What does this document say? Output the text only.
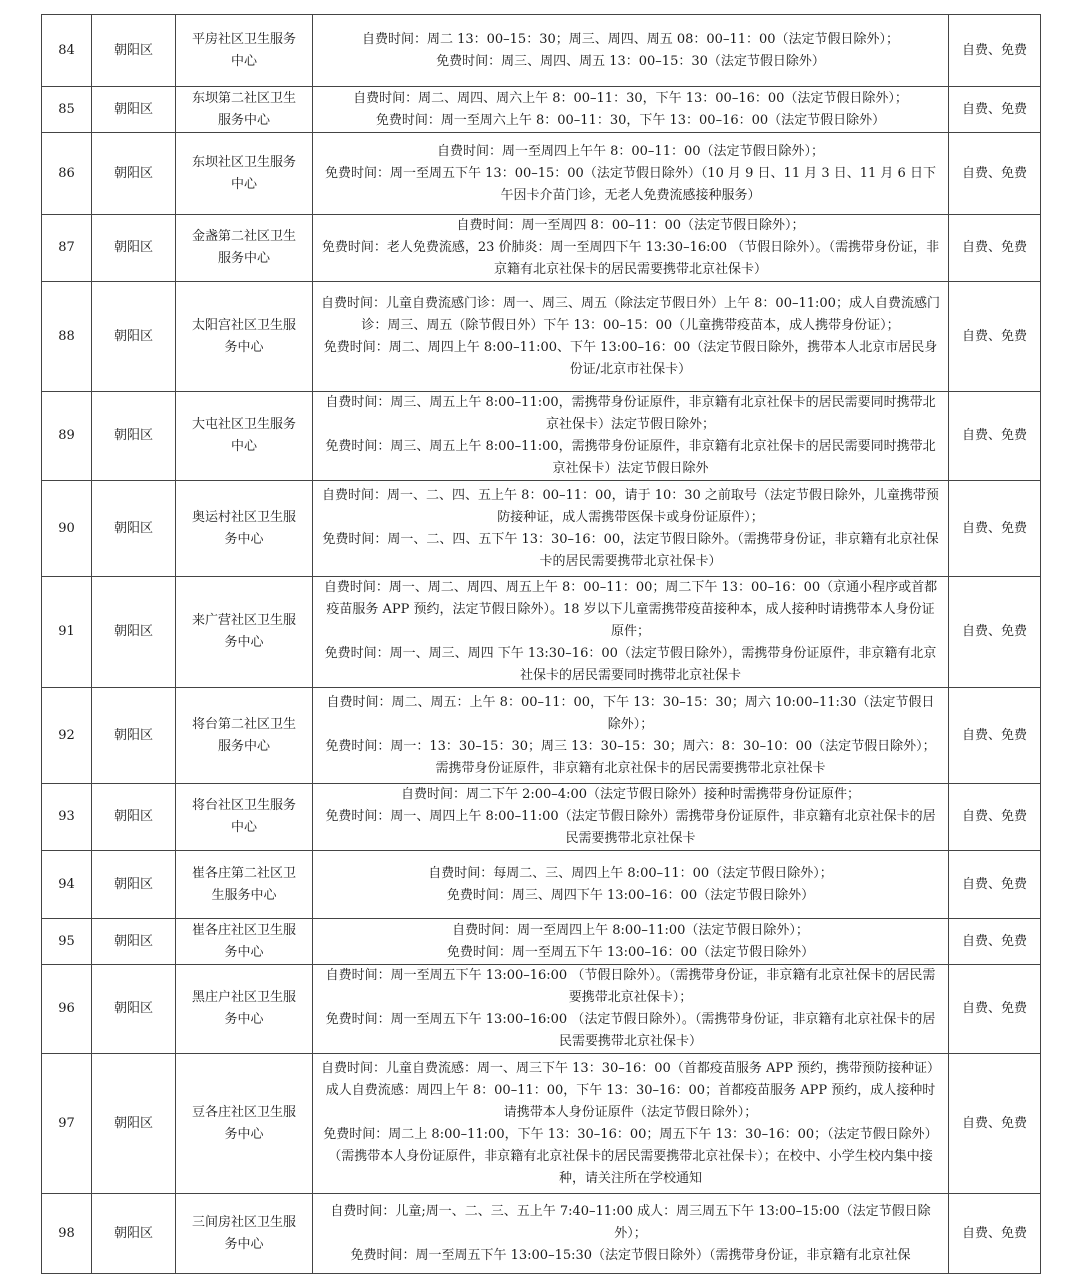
84	朝阳区	平房社区卫生服务中心	自费时间：周二 13：00–15：30；周三、周四、周五 08：00–11：00（法定节假日除外）；
免费时间：周三、周四、周五 13：00–15：30（法定节假日除外）	自费、免费
85	朝阳区	东坝第二社区卫生服务中心	自费时间：周二、周四、周六上午 8：00–11：30，下午 13：00–16：00（法定节假日除外）；
免费时间：周一至周六上午 8：00–11：30，下午 13：00–16：00（法定节假日除外）	自费、免费
86	朝阳区	东坝社区卫生服务中心	自费时间：周一至周四上午午 8：00–11：00（法定节假日除外）；
免费时间：周一至周五下午 13：00–15：00（法定节假日除外）（10 月 9 日、11 月 3 日、11 月 6 日下午因卡介苗门诊，无老人免费流感接种服务）	自费、免费
87	朝阳区	金盏第二社区卫生服务中心	自费时间：周一至周四 8：00–11：00（法定节假日除外）；
免费时间：老人免费流感，23 价肺炎：周一至周四下午 13:30–16:00 （节假日除外）。（需携带身份证，非京籍有北京社保卡的居民需要携带北京社保卡）	自费、免费
88	朝阳区	太阳宫社区卫生服务中心	自费时间：儿童自费流感门诊：周一、周三、周五（除法定节假日外）上午 8：00–11:00；成人自费流感门诊：周三、周五（除节假日外）下午 13：00–15：00（儿童携带疫苗本，成人携带身份证）；
免费时间：周二、周四上午 8:00–11:00、下午 13:00–16：00（法定节假日除外，携带本人北京市居民身份证/北京市社保卡）	自费、免费
89	朝阳区	大屯社区卫生服务中心	自费时间：周三、周五上午 8:00–11:00，需携带身份证原件，非京籍有北京社保卡的居民需要同时携带北京社保卡）法定节假日除外；
免费时间：周三、周五上午 8:00–11:00，需携带身份证原件，非京籍有北京社保卡的居民需要同时携带北京社保卡）法定节假日除外	自费、免费
90	朝阳区	奥运村社区卫生服务中心	自费时间：周一、二、四、五上午 8：00–11：00，请于 10：30 之前取号（法定节假日除外，儿童携带预防接种证，成人需携带医保卡或身份证原件）；
免费时间：周一、二、四、五下午 13：30–16：00，法定节假日除外。（需携带身份证，非京籍有北京社保卡的居民需要携带北京社保卡）	自费、免费
91	朝阳区	来广营社区卫生服务中心	自费时间：周一、周二、周四、周五上午 8：00–11：00；周二下午 13：00–16：00（京通小程序或首都疫苗服务 APP 预约，法定节假日除外）。18 岁以下儿童需携带疫苗接种本，成人接种时请携带本人身份证原件；
免费时间：周一、周三、周四 下午 13:30–16：00（法定节假日除外），需携带身份证原件，非京籍有北京社保卡的居民需要同时携带北京社保卡	自费、免费
92	朝阳区	将台第二社区卫生服务中心	自费时间：周二、周五：上午 8：00–11：00，下午 13：30–15：30；周六 10:00–11:30（法定节假日除外）；
免费时间：周一：13：30–15：30；周三 13：30–15：30；周六：8：30–10：00（法定节假日除外）；需携带身份证原件，非京籍有北京社保卡的居民需要携带北京社保卡	自费、免费
93	朝阳区	将台社区卫生服务中心	自费时间：周二下午 2:00–4:00（法定节假日除外）接种时需携带身份证原件；
免费时间：周一、周四上午 8:00–11:00（法定节假日除外）需携带身份证原件，非京籍有北京社保卡的居民需要携带北京社保卡	自费、免费
94	朝阳区	崔各庄第二社区卫生服务中心	自费时间：每周二、三、周四上午 8:00–11：00（法定节假日除外）；
免费时间：周三、周四下午 13:00–16：00（法定节假日除外）	自费、免费
95	朝阳区	崔各庄社区卫生服务中心	自费时间：周一至周四上午 8:00–11:00（法定节假日除外）；
免费时间：周一至周五下午 13:00–16：00（法定节假日除外）	自费、免费
96	朝阳区	黑庄户社区卫生服务中心	自费时间：周一至周五下午 13:00–16:00 （节假日除外）。（需携带身份证，非京籍有北京社保卡的居民需要携带北京社保卡）；
免费时间：周一至周五下午 13:00–16:00 （法定节假日除外）。（需携带身份证，非京籍有北京社保卡的居民需要携带北京社保卡）	自费、免费
97	朝阳区	豆各庄社区卫生服务中心	自费时间：儿童自费流感：周一、周三下午 13：30–16：00（首都疫苗服务 APP 预约，携带预防接种证）成人自费流感：周四上午 8：00–11：00，下午 13：30–16：00；首都疫苗服务 APP 预约，成人接种时请携带本人身份证原件（法定节假日除外）；
免费时间：周二上 8:00–11:00，下午 13：30–16：00；周五下午 13：30–16：00；（法定节假日除外）（需携带本人身份证原件，非京籍有北京社保卡的居民需要携带北京社保卡）；在校中、小学生校内集中接种，请关注所在学校通知	自费、免费
98	朝阳区	三间房社区卫生服务中心	自费时间：儿童;周一、二、三、五上午 7:40–11:00 成人：周三周五下午 13:00–15:00（法定节假日除外）；
免费时间：周一至周五下午 13:00–15:30（法定节假日除外）（需携带身份证，非京籍有北京社保	自费、免费
